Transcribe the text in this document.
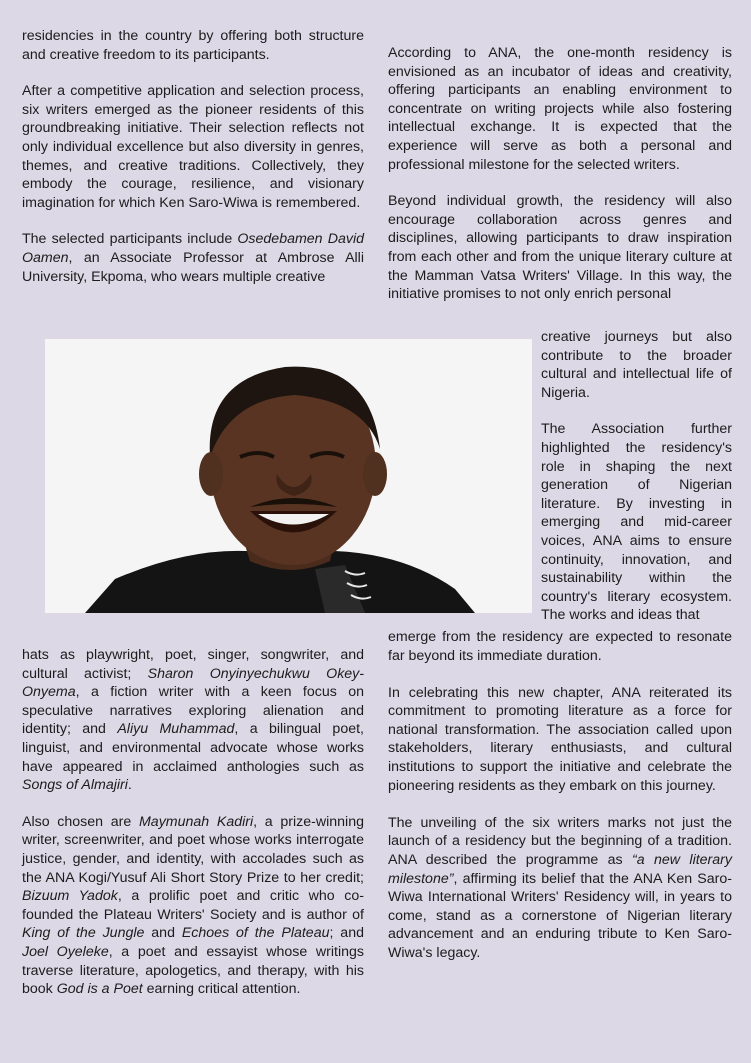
residencies in the country by offering both structure and creative freedom to its participants.

After a competitive application and selection process, six writers emerged as the pioneer residents of this groundbreaking initiative. Their selection reflects not only individual excellence but also diversity in genres, themes, and creative traditions. Collectively, they embody the courage, resilience, and visionary imagination for which Ken Saro-Wiwa is remembered.

The selected participants include Osedebamen David Oamen, an Associate Professor at Ambrose Alli University, Ekpoma, who wears multiple creative

According to ANA, the one-month residency is envisioned as an incubator of ideas and creativity, offering participants an enabling environment to concentrate on writing projects while also fostering intellectual exchange. It is expected that the experience will serve as both a personal and professional milestone for the selected writers.

Beyond individual growth, the residency will also encourage collaboration across genres and disciplines, allowing participants to draw inspiration from each other and from the unique literary culture at the Mamman Vatsa Writers' Village. In this way, the initiative promises to not only enrich personal

creative journeys but also contribute to the broader cultural and intellectual life of Nigeria.

The Association further highlighted the residency's role in shaping the next generation of Nigerian literature. By investing in emerging and mid-career voices, ANA aims to ensure continuity, innovation, and sustainability within the country's literary ecosystem. The works and ideas that

hats as playwright, poet, singer, songwriter, and cultural activist; Sharon Onyinyechukwu Okey-Onyema, a fiction writer with a keen focus on speculative narratives exploring alienation and identity; and Aliyu Muhammad, a bilingual poet, linguist, and environmental advocate whose works have appeared in acclaimed anthologies such as Songs of Almajiri.

Also chosen are Maymunah Kadiri, a prize-winning writer, screenwriter, and poet whose works interrogate justice, gender, and identity, with accolades such as the ANA Kogi/Yusuf Ali Short Story Prize to her credit; Bizuum Yadok, a prolific poet and critic who co-founded the Plateau Writers' Society and is author of King of the Jungle and Echoes of the Plateau; and Joel Oyeleke, a poet and essayist whose writings traverse literature, apologetics, and therapy, with his book God is a Poet earning critical attention.

emerge from the residency are expected to resonate far beyond its immediate duration.

In celebrating this new chapter, ANA reiterated its commitment to promoting literature as a force for national transformation. The association called upon stakeholders, literary enthusiasts, and cultural institutions to support the initiative and celebrate the pioneering residents as they embark on this journey.

The unveiling of the six writers marks not just the launch of a residency but the beginning of a tradition. ANA described the programme as “a new literary milestone”, affirming its belief that the ANA Ken Saro-Wiwa International Writers' Residency will, in years to come, stand as a cornerstone of Nigerian literary advancement and an enduring tribute to Ken Saro-Wiwa's legacy.
